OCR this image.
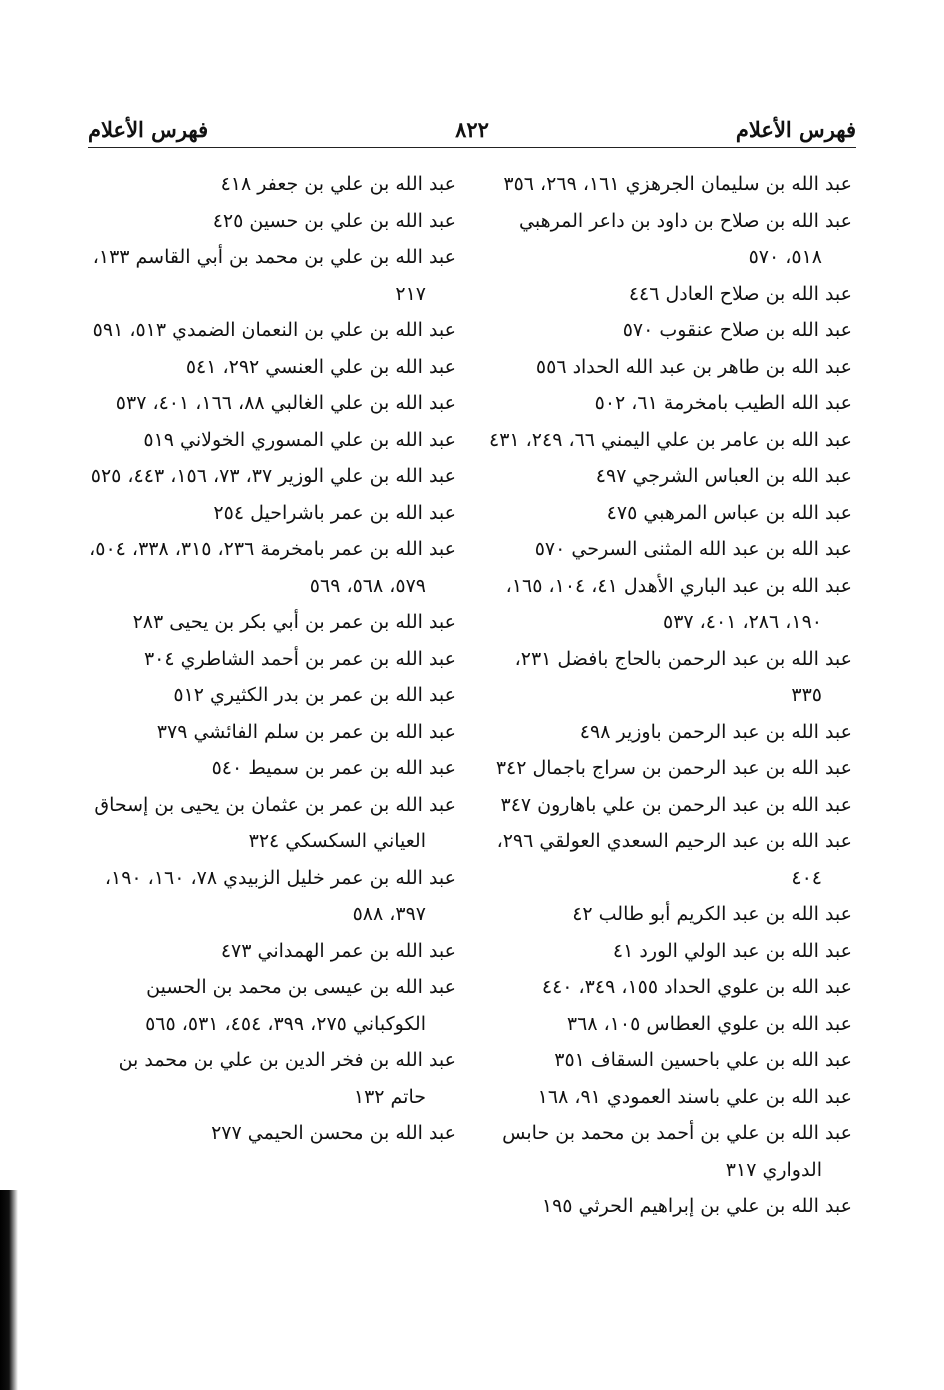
فهرس الأعلام
٨٢٢
فهرس الأعلام

عبد الله بن سليمان الجرهزي ١٦١، ٢٦٩، ٣٥٦

عبد الله بن صلاح بن داود بن داعر المرهبي ٥١٨، ٥٧٠

عبد الله بن صلاح العادل ٤٤٦

عبد الله بن صلاح عنقوب ٥٧٠

عبد الله بن طاهر بن عبد الله الحداد ٥٥٦

عبد الله الطيب بامخرمة ٦١، ٥٠٢

عبد الله بن عامر بن علي اليمني ٦٦، ٢٤٩، ٤٣١

عبد الله بن العباس الشرجي ٤٩٧

عبد الله بن عباس المرهبي ٤٧٥

عبد الله بن عبد الله المثنى السرحي ٥٧٠

عبد الله بن عبد الباري الأهدل ٤١، ١٠٤، ١٦٥، ١٩٠، ٢٨٦، ٤٠١، ٥٣٧

عبد الله بن عبد الرحمن بالحاج بافضل ٢٣١، ٣٣٥

عبد الله بن عبد الرحمن باوزير ٤٩٨

عبد الله بن عبد الرحمن بن سراج باجمال ٣٤٢

عبد الله بن عبد الرحمن بن علي باهارون ٣٤٧

عبد الله بن عبد الرحيم السعدي العولقي ٢٩٦، ٤٠٤

عبد الله بن عبد الكريم أبو طالب ٤٢

عبد الله بن عبد الولي الورد ٤١

عبد الله بن علوي الحداد ١٥٥، ٣٤٩، ٤٤٠

عبد الله بن علوي العطاس ١٠٥، ٣٦٨

عبد الله بن علي باحسين السقاف ٣٥١

عبد الله بن علي باسند العمودي ٩١، ١٦٨

عبد الله بن علي بن أحمد بن محمد بن حابس الدواري ٣١٧

عبد الله بن علي بن إبراهيم الحرثي ١٩٥

عبد الله بن علي بن جعفر ٤١٨

عبد الله بن علي بن حسين ٤٢٥

عبد الله بن علي بن محمد بن أبي القاسم ١٣٣، ٢١٧

عبد الله بن علي بن النعمان الضمدي ٥١٣، ٥٩١

عبد الله بن علي العنسي ٢٩٢، ٥٤١

عبد الله بن علي الغالبي ٨٨، ١٦٦، ٤٠١، ٥٣٧

عبد الله بن علي المسوري الخولاني ٥١٩

عبد الله بن علي الوزير ٣٧، ٧٣، ١٥٦، ٤٤٣، ٥٢٥

عبد الله بن عمر باشراحيل ٢٥٤

عبد الله بن عمر بامخرمة ٢٣٦، ٣١٥، ٣٣٨، ٥٠٤، ٥٧٩، ٥٦٨، ٥٦٩

عبد الله بن عمر بن أبي بكر بن يحيى ٢٨٣

عبد الله بن عمر بن أحمد الشاطري ٣٠٤

عبد الله بن عمر بن بدر الكثيري ٥١٢

عبد الله بن عمر بن سلم الفائشي ٣٧٩

عبد الله بن عمر بن سميط ٥٤٠

عبد الله بن عمر بن عثمان بن يحيى بن إسحاق العياني السكسكي ٣٢٤

عبد الله بن عمر خليل الزبيدي ٧٨، ١٦٠، ١٩٠، ٣٩٧، ٥٨٨

عبد الله بن عمر الهمداني ٤٧٣

عبد الله بن عيسى بن محمد بن الحسين الكوكباني ٢٧٥، ٣٩٩، ٤٥٤، ٥٣١، ٥٦٥

عبد الله بن فخر الدين بن علي بن محمد بن حاتم ١٣٢

عبد الله بن محسن الحيمي ٢٧٧
